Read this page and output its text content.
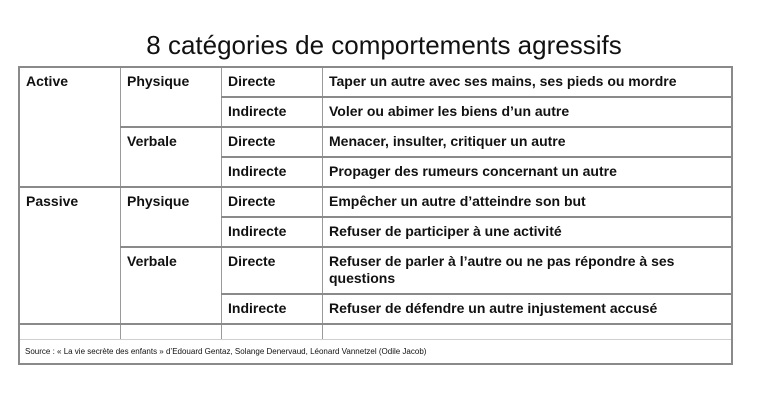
8 catégories de comportements agressifs
Active	Physique	Directe	Taper un autre avec ses mains, ses pieds ou mordre
		Indirecte	Voler ou abimer les biens d’un autre
	Verbale	Directe	Menacer, insulter, critiquer un autre
		Indirecte	Propager des rumeurs concernant un autre
Passive	Physique	Directe	Empêcher un autre d’atteindre son but
		Indirecte	Refuser de participer à une activité
	Verbale	Directe	Refuser de parler à l’autre ou ne pas répondre à ses questions
		Indirecte	Refuser de défendre un autre injustement accusé

Source : « La vie secrète des enfants » d’Edouard Gentaz, Solange Denervaud, Léonard Vannetzel (Odile Jacob)			
